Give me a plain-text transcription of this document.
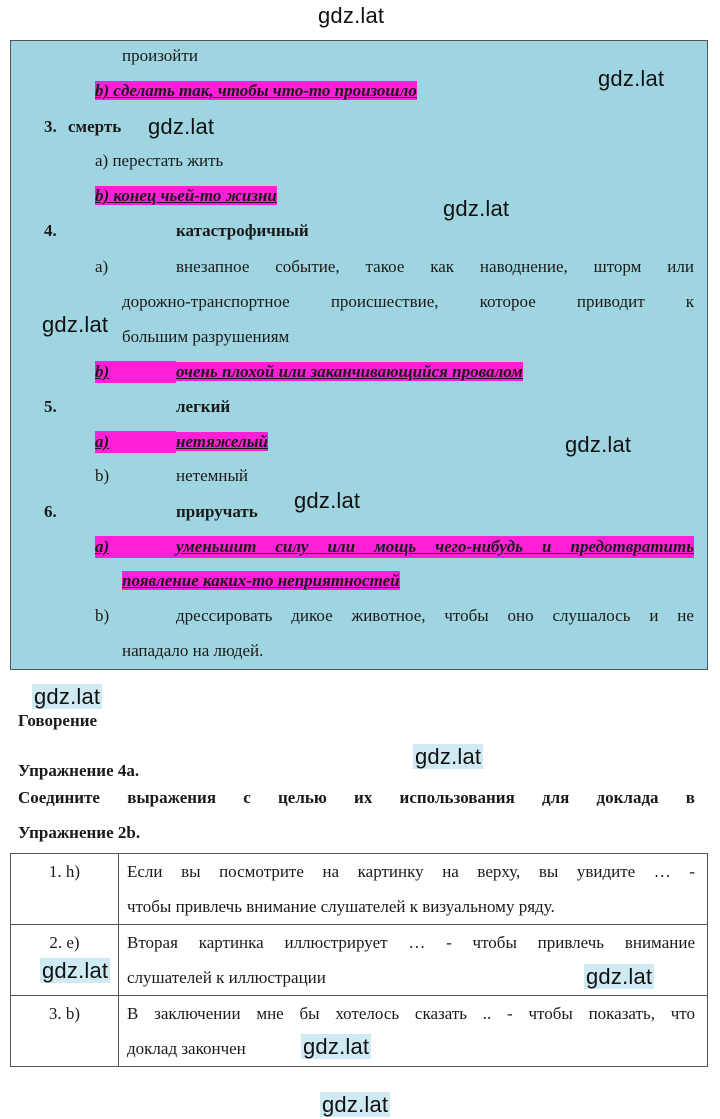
gdz.lat
произойти
b) сделать так, чтобы что-то произошло	gdz.lat
3. смерть gdz.lat
a) перестать жить
b) конец чьей-то жизни
gdz.lat
4.	катастрофичный
a)	внезапное событие, такое как наводнение, шторм или
дорожно-транспортное происшествие, которое приводит к
gdz.lat большим разрушениям
b)	очень плохой или заканчивающийся провалом
5.	легкий
a)	нетяжелый	gdz.lat
b)	нетемный
6.	приручать gdz.lat
a)	уменьшит силу или мощь чего-нибудь и предотвратить
появление каких-то неприятностей
b)	дрессировать дикое животное, чтобы оно слушалось и не
нападало на людей.
gdz.lat
Говорение
gdz.lat
Упражнение 4а.
Соедините выражения с целью их использования для доклада в
Упражнение 2b.
1. h)	Если вы посмотрите на картинку на верху, вы увидите … -
чтобы привлечь внимание слушателей к визуальному ряду.

2. e)	Вторая картинка иллюстрирует … - чтобы привлечь внимание
слушателей к иллюстрации

3. b)	В заключении мне бы хотелось сказать .. - чтобы показать, что
доклад закончен
gdz.lat	gdz.lat
gdz.lat
gdz.lat
